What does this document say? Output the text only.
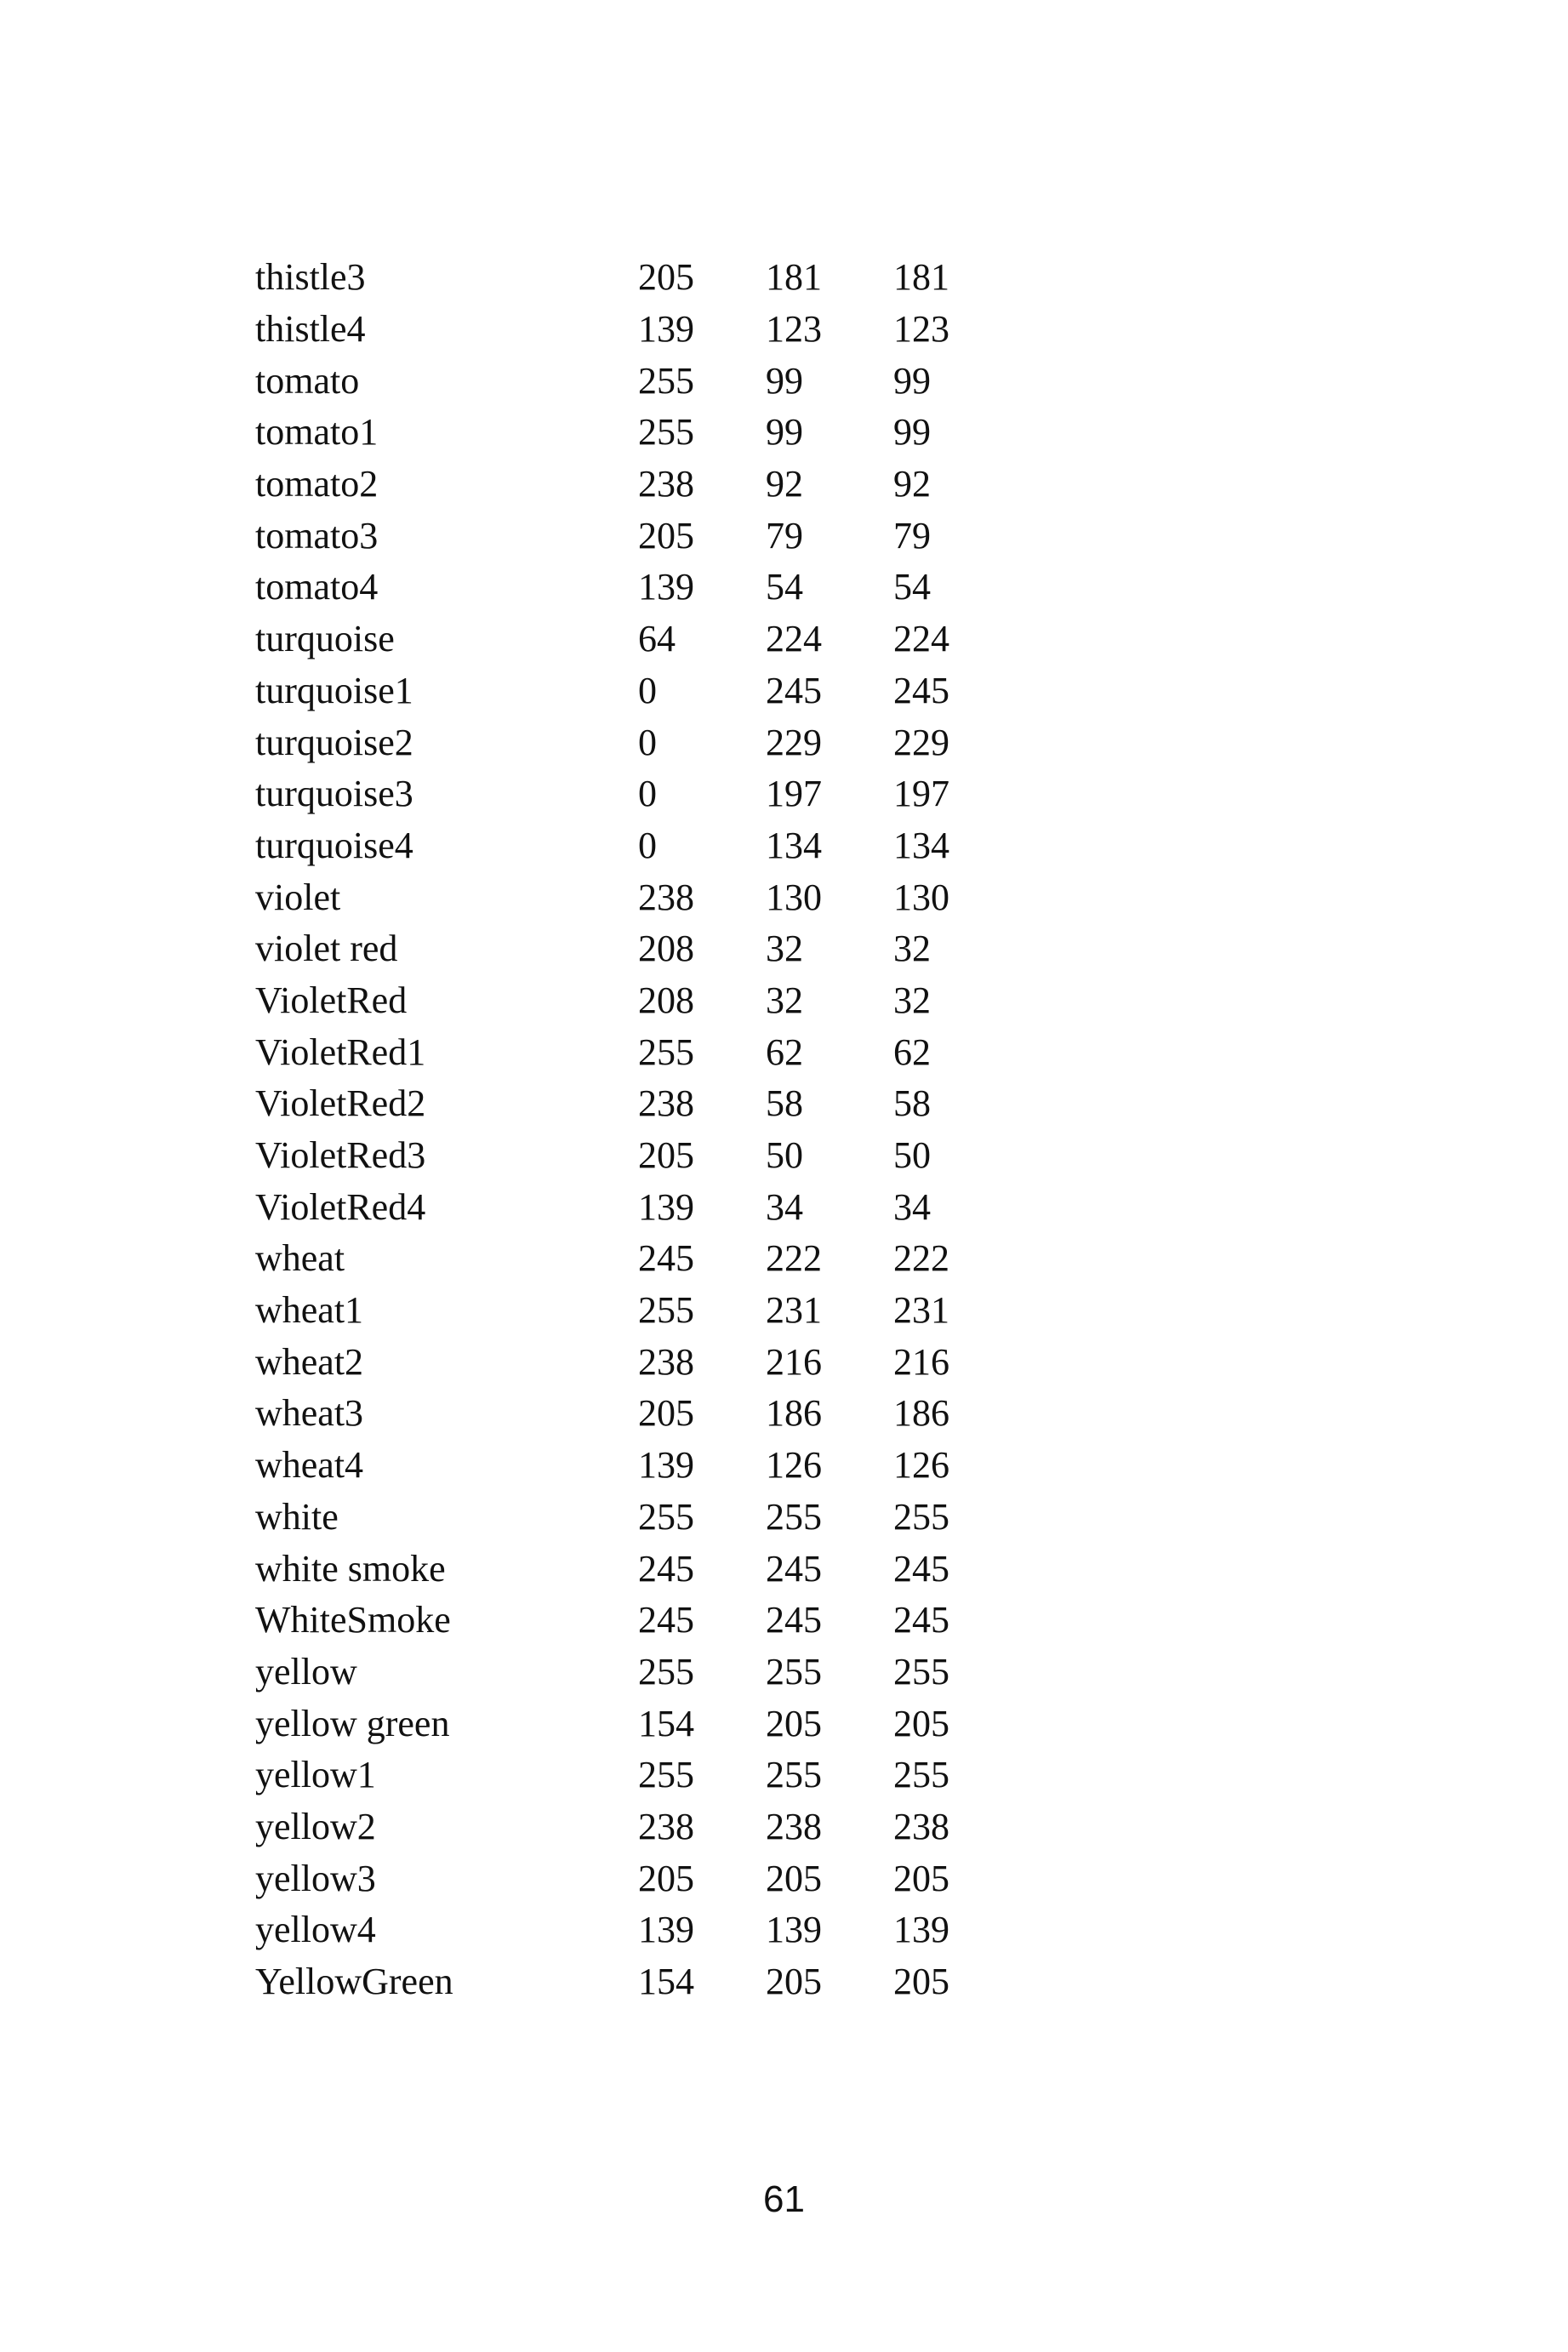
thistle3	205	181	181
thistle4	139	123	123
tomato	255	99	99
tomato1	255	99	99
tomato2	238	92	92
tomato3	205	79	79
tomato4	139	54	54
turquoise	64	224	224
turquoise1	0	245	245
turquoise2	0	229	229
turquoise3	0	197	197
turquoise4	0	134	134
violet	238	130	130
violet red	208	32	32
VioletRed	208	32	32
VioletRed1	255	62	62
VioletRed2	238	58	58
VioletRed3	205	50	50
VioletRed4	139	34	34
wheat	245	222	222
wheat1	255	231	231
wheat2	238	216	216
wheat3	205	186	186
wheat4	139	126	126
white	255	255	255
white smoke	245	245	245
WhiteSmoke	245	245	245
yellow	255	255	255
yellow green	154	205	205
yellow1	255	255	255
yellow2	238	238	238
yellow3	205	205	205
yellow4	139	139	139
YellowGreen	154	205	205
61
